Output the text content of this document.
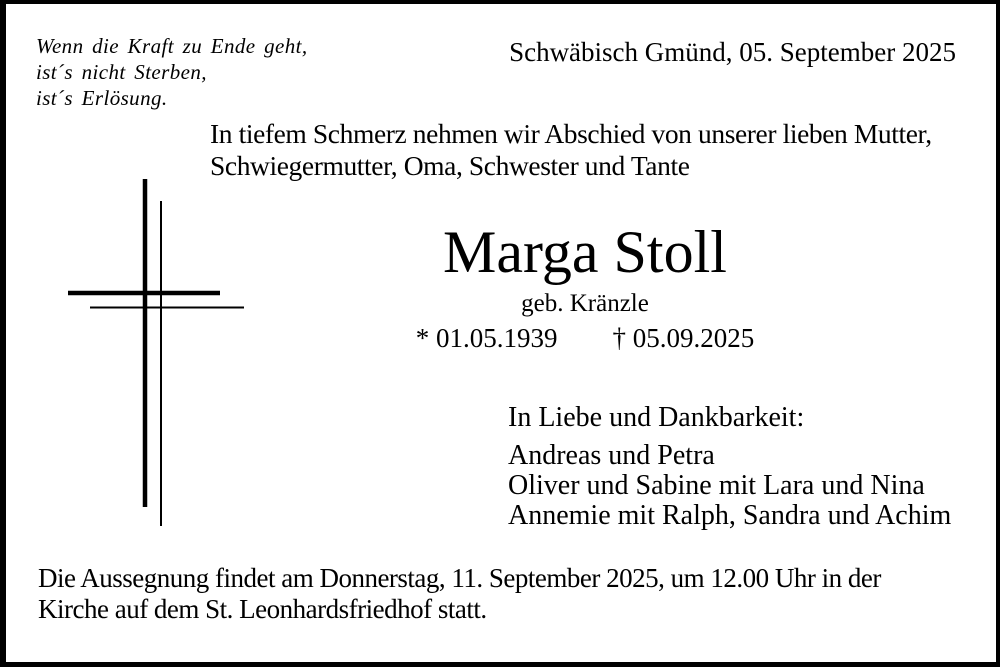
Wenn die Kraft zu Ende geht,
ist´s nicht Sterben,
ist´s Erlösung.
Schwäbisch Gmünd, 05. September 2025
In tiefem Schmerz nehmen wir Abschied von unserer lieben Mutter,
Schwiegermutter, Oma, Schwester und Tante
Marga Stoll
geb. Kränzle
* 01.05.1939 † 05.09.2025
In Liebe und Dankbarkeit:
Andreas und Petra
Oliver und Sabine mit Lara und Nina
Annemie mit Ralph, Sandra und Achim
Die Aussegnung findet am Donnerstag, 11. September 2025, um 12.00 Uhr in der
Kirche auf dem St. Leonhardsfriedhof statt.
